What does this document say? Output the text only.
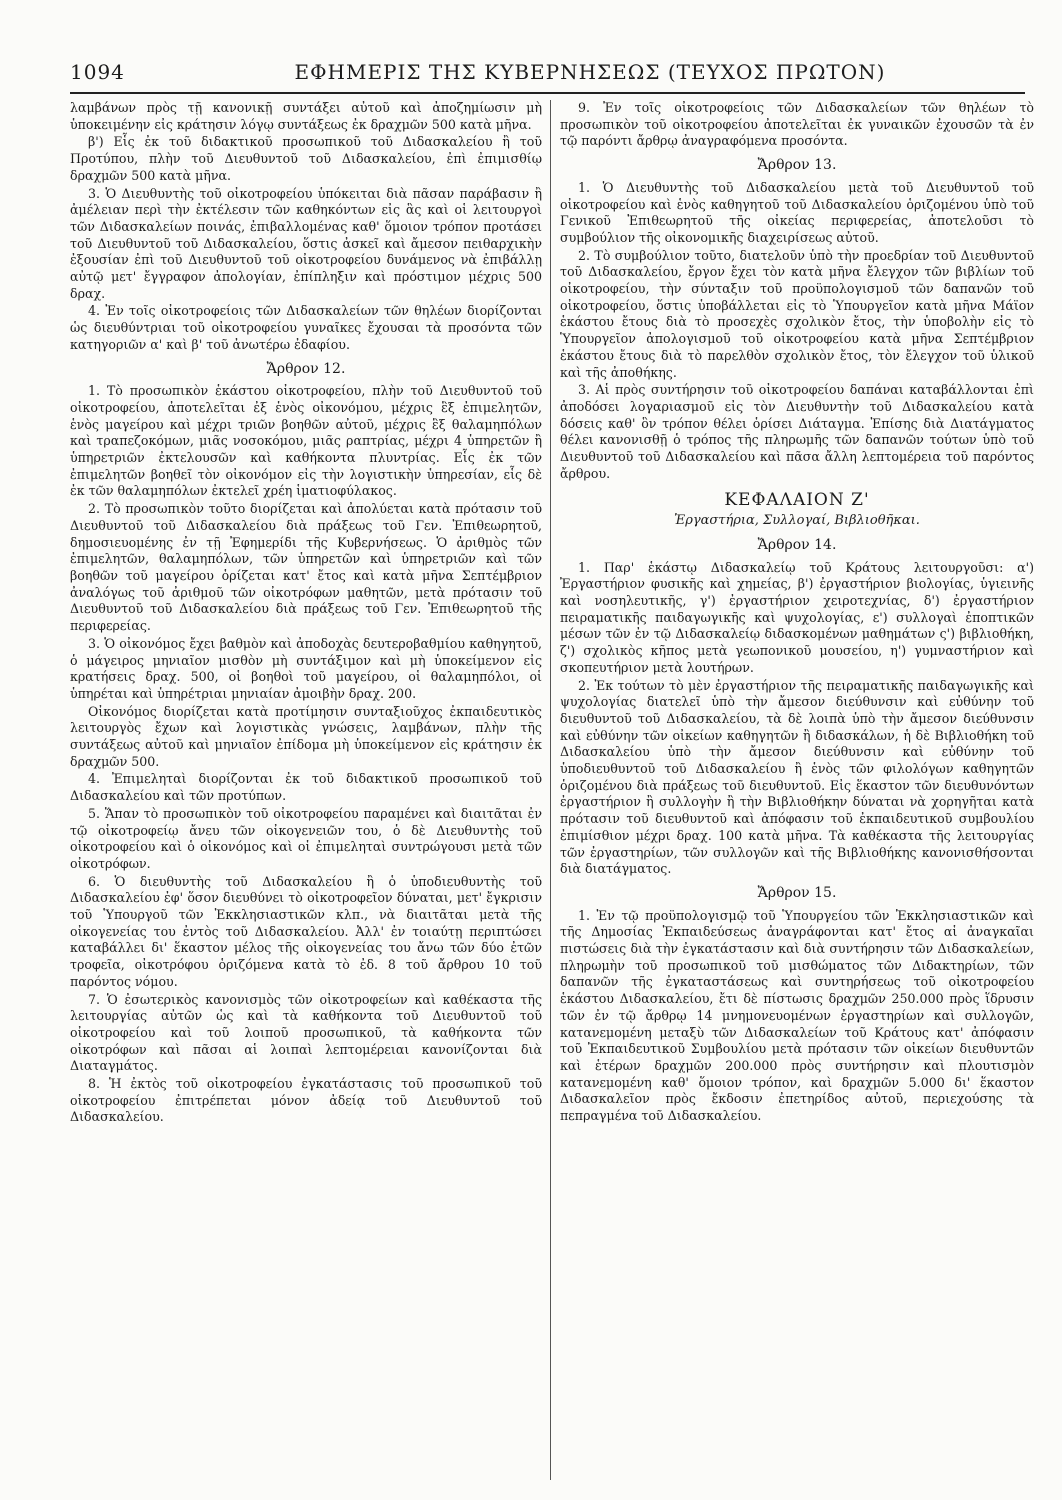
1094	ΕΦΗΜΕΡΙΣ ΤΗΣ ΚΥΒΕΡΝΗΣΕΩΣ (ΤΕΥΧΟΣ ΠΡΩΤΟΝ)

λαμβάνων πρὸς τῇ κανονικῇ συντάξει αὐτοῦ καὶ ἀποζημίωσιν μὴ ὑποκειμένην εἰς κράτησιν λόγῳ συντάξεως ἐκ δραχμῶν 500 κατὰ μῆνα.

β') Εἷς ἐκ τοῦ διδακτικοῦ προσωπικοῦ τοῦ Διδασκαλείου ἢ τοῦ Προτύπου, πλὴν τοῦ Διευθυντοῦ τοῦ Διδασκαλείου, ἐπὶ ἐπιμισθίῳ δραχμῶν 500 κατὰ μῆνα.

3. Ὁ Διευθυντὴς τοῦ οἰκοτροφείου ὑπόκειται διὰ πᾶσαν παράβασιν ἢ ἀμέλειαν περὶ τὴν ἐκτέλεσιν τῶν καθηκόντων εἰς ἃς καὶ οἱ λειτουργοὶ τῶν Διδασκαλείων ποινάς, ἐπιβαλλομένας καθ' ὅμοιον τρόπον προτάσει τοῦ Διευθυντοῦ τοῦ Διδασκαλείου, ὅστις ἀσκεῖ καὶ ἄμεσον πειθαρχικὴν ἐξουσίαν ἐπὶ τοῦ Διευθυντοῦ τοῦ οἰκοτροφείου δυνάμενος νὰ ἐπιβάλλῃ αὐτῷ μετ' ἔγγραφον ἀπολογίαν, ἐπίπληξιν καὶ πρόστιμον μέχρις 500 δραχ.

4. Ἐν τοῖς οἰκοτροφείοις τῶν Διδασκαλείων τῶν θηλέων διορίζονται ὡς διευθύντριαι τοῦ οἰκοτροφείου γυναῖκες ἔχουσαι τὰ προσόντα τῶν κατηγοριῶν α' καὶ β' τοῦ ἀνωτέρω ἐδαφίου.

Ἄρθρον 12.

1. Τὸ προσωπικὸν ἑκάστου οἰκοτροφείου, πλὴν τοῦ Διευθυντοῦ τοῦ οἰκοτροφείου, ἀποτελεῖται ἐξ ἑνὸς οἰκονόμου, μέχρις ἓξ ἐπιμελητῶν, ἑνὸς μαγείρου καὶ μέχρι τριῶν βοηθῶν αὐτοῦ, μέχρις ἓξ θαλαμηπόλων καὶ τραπεζοκόμων, μιᾶς νοσοκόμου, μιᾶς ραπτρίας, μέχρι 4 ὑπηρετῶν ἢ ὑπηρετριῶν ἐκτελουσῶν καὶ καθήκοντα πλυντρίας. Εἷς ἐκ τῶν ἐπιμελητῶν βοηθεῖ τὸν οἰκονόμον εἰς τὴν λογιστικὴν ὑπηρεσίαν, εἷς δὲ ἐκ τῶν θαλαμηπόλων ἐκτελεῖ χρέη ἱματιοφύλακος.

2. Τὸ προσωπικὸν τοῦτο διορίζεται καὶ ἀπολύεται κατὰ πρότασιν τοῦ Διευθυντοῦ τοῦ Διδασκαλείου διὰ πράξεως τοῦ Γεν. Ἐπιθεωρητοῦ, δημοσιευομένης ἐν τῇ Ἐφημερίδι τῆς Κυβερνήσεως. Ὁ ἀριθμὸς τῶν ἐπιμελητῶν, θαλαμηπόλων, τῶν ὑπηρετῶν καὶ ὑπηρετριῶν καὶ τῶν βοηθῶν τοῦ μαγείρου ὁρίζεται κατ' ἔτος καὶ κατὰ μῆνα Σεπτέμβριον ἀναλόγως τοῦ ἀριθμοῦ τῶν οἰκοτρόφων μαθητῶν, μετὰ πρότασιν τοῦ Διευθυντοῦ τοῦ Διδασκαλείου διὰ πράξεως τοῦ Γεν. Ἐπιθεωρητοῦ τῆς περιφερείας.

3. Ὁ οἰκονόμος ἔχει βαθμὸν καὶ ἀποδοχὰς δευτεροβαθμίου καθηγητοῦ, ὁ μάγειρος μηνιαῖον μισθὸν μὴ συντάξιμον καὶ μὴ ὑποκείμενον εἰς κρατήσεις δραχ. 500, οἱ βοηθοὶ τοῦ μαγείρου, οἱ θαλαμηπόλοι, οἱ ὑπηρέται καὶ ὑπηρέτριαι μηνιαίαν ἀμοιβὴν δραχ. 200.

Οἰκονόμος διορίζεται κατὰ προτίμησιν συνταξιοῦχος ἐκπαιδευτικὸς λειτουργὸς ἔχων καὶ λογιστικὰς γνώσεις, λαμβάνων, πλὴν τῆς συντάξεως αὐτοῦ καὶ μηνιαῖον ἐπίδομα μὴ ὑποκείμενον εἰς κράτησιν ἐκ δραχμῶν 500.

4. Ἐπιμεληταὶ διορίζονται ἐκ τοῦ διδακτικοῦ προσωπικοῦ τοῦ Διδασκαλείου καὶ τῶν προτύπων.

5. Ἅπαν τὸ προσωπικὸν τοῦ οἰκοτροφείου παραμένει καὶ διαιτᾶται ἐν τῷ οἰκοτροφείῳ ἄνευ τῶν οἰκογενειῶν του, ὁ δὲ Διευθυντὴς τοῦ οἰκοτροφείου καὶ ὁ οἰκονόμος καὶ οἱ ἐπιμεληταὶ συντρώγουσι μετὰ τῶν οἰκοτρόφων.

6. Ὁ διευθυντὴς τοῦ Διδασκαλείου ἢ ὁ ὑποδιευθυντὴς τοῦ Διδασκαλείου ἐφ' ὅσον διευθύνει τὸ οἰκοτροφεῖον δύναται, μετ' ἔγκρισιν τοῦ Ὑπουργοῦ τῶν Ἐκκλησιαστικῶν κλπ., νὰ διαιτᾶται μετὰ τῆς οἰκογενείας του ἐντὸς τοῦ Διδασκαλείου. Ἀλλ' ἐν τοιαύτῃ περιπτώσει καταβάλλει δι' ἕκαστον μέλος τῆς οἰκογενείας του ἄνω τῶν δύο ἐτῶν τροφεῖα, οἰκοτρόφου ὁριζόμενα κατὰ τὸ ἐδ. 8 τοῦ ἄρθρου 10 τοῦ παρόντος νόμου.

7. Ὁ ἐσωτερικὸς κανονισμὸς τῶν οἰκοτροφείων καὶ καθέκαστα τῆς λειτουργίας αὐτῶν ὡς καὶ τὰ καθήκοντα τοῦ Διευθυντοῦ τοῦ οἰκοτροφείου καὶ τοῦ λοιποῦ προσωπικοῦ, τὰ καθήκοντα τῶν οἰκοτρόφων καὶ πᾶσαι αἱ λοιπαὶ λεπτομέρειαι κανονίζονται διὰ Διαταγμάτος.

8. Ἡ ἐκτὸς τοῦ οἰκοτροφείου ἐγκατάστασις τοῦ προσωπικοῦ τοῦ οἰκοτροφείου ἐπιτρέπεται μόνον ἀδείᾳ τοῦ Διευθυντοῦ τοῦ Διδασκαλείου.

9. Ἐν τοῖς οἰκοτροφείοις τῶν Διδασκαλείων τῶν θηλέων τὸ προσωπικὸν τοῦ οἰκοτροφείου ἀποτελεῖται ἐκ γυναικῶν ἐχουσῶν τὰ ἐν τῷ παρόντι ἄρθρῳ ἀναγραφόμενα προσόντα.

Ἄρθρον 13.

1. Ὁ Διευθυντὴς τοῦ Διδασκαλείου μετὰ τοῦ Διευθυντοῦ τοῦ οἰκοτροφείου καὶ ἑνὸς καθηγητοῦ τοῦ Διδασκαλείου ὁριζομένου ὑπὸ τοῦ Γενικοῦ Ἐπιθεωρητοῦ τῆς οἰκείας περιφερείας, ἀποτελοῦσι τὸ συμβούλιον τῆς οἰκονομικῆς διαχειρίσεως αὐτοῦ.

2. Τὸ συμβούλιον τοῦτο, διατελοῦν ὑπὸ τὴν προεδρίαν τοῦ Διευθυντοῦ τοῦ Διδασκαλείου, ἔργον ἔχει τὸν κατὰ μῆνα ἔλεγχον τῶν βιβλίων τοῦ οἰκοτροφείου, τὴν σύνταξιν τοῦ προϋπολογισμοῦ τῶν δαπανῶν τοῦ οἰκοτροφείου, ὅστις ὑποβάλλεται εἰς τὸ Ὑπουργεῖον κατὰ μῆνα Μάϊον ἑκάστου ἔτους διὰ τὸ προσεχὲς σχολικὸν ἔτος, τὴν ὑποβολὴν εἰς τὸ Ὑπουργεῖον ἀπολογισμοῦ τοῦ οἰκοτροφείου κατὰ μῆνα Σεπτέμβριον ἑκάστου ἔτους διὰ τὸ παρελθὸν σχολικὸν ἔτος, τὸν ἔλεγχον τοῦ ὑλικοῦ καὶ τῆς ἀποθήκης.

3. Αἱ πρὸς συντήρησιν τοῦ οἰκοτροφείου δαπάναι καταβάλλονται ἐπὶ ἀποδόσει λογαριασμοῦ εἰς τὸν Διευθυντὴν τοῦ Διδασκαλείου κατὰ δόσεις καθ' ὃν τρόπον θέλει ὁρίσει Διάταγμα. Ἐπίσης διὰ Διατάγματος θέλει κανονισθῇ ὁ τρόπος τῆς πληρωμῆς τῶν δαπανῶν τούτων ὑπὸ τοῦ Διευθυντοῦ τοῦ Διδασκαλείου καὶ πᾶσα ἄλλη λεπτομέρεια τοῦ παρόντος ἄρθρου.

ΚΕΦΑΛΑΙΟΝ Ζ'
Ἐργαστήρια, Συλλογαί, Βιβλιοθῆκαι.
Ἄρθρον 14.

1. Παρ' ἑκάστῳ Διδασκαλείῳ τοῦ Κράτους λειτουργοῦσι: α') Ἐργαστήριον φυσικῆς καὶ χημείας, β') ἐργαστήριον βιολογίας, ὑγιεινῆς καὶ νοσηλευτικῆς, γ') ἐργαστήριον χειροτεχνίας, δ') ἐργαστήριον πειραματικῆς παιδαγωγικῆς καὶ ψυχολογίας, ε') συλλογαὶ ἐποπτικῶν μέσων τῶν ἐν τῷ Διδασκαλείῳ διδασκομένων μαθημάτων ς') βιβλιοθήκη, ζ') σχολικὸς κῆπος μετὰ γεωπονικοῦ μουσείου, η') γυμναστήριον καὶ σκοπευτήριον μετὰ λουτήρων.

2. Ἐκ τούτων τὸ μὲν ἐργαστήριον τῆς πειραματικῆς παιδαγωγικῆς καὶ ψυχολογίας διατελεῖ ὑπὸ τὴν ἄμεσον διεύθυνσιν καὶ εὐθύνην τοῦ διευθυντοῦ τοῦ Διδασκαλείου, τὰ δὲ λοιπὰ ὑπὸ τὴν ἄμεσον διεύθυνσιν καὶ εὐθύνην τῶν οἰκείων καθηγητῶν ἢ διδασκάλων, ἡ δὲ Βιβλιοθήκη τοῦ Διδασκαλείου ὑπὸ τὴν ἄμεσον διεύθυνσιν καὶ εὐθύνην τοῦ ὑποδιευθυντοῦ τοῦ Διδασκαλείου ἢ ἑνὸς τῶν φιλολόγων καθηγητῶν ὁριζομένου διὰ πράξεως τοῦ διευθυντοῦ. Εἰς ἕκαστον τῶν διευθυνόντων ἐργαστήριον ἢ συλλογὴν ἢ τὴν Βιβλιοθήκην δύναται νὰ χορηγῆται κατὰ πρότασιν τοῦ διευθυντοῦ καὶ ἀπόφασιν τοῦ ἐκπαιδευτικοῦ συμβουλίου ἐπιμίσθιον μέχρι δραχ. 100 κατὰ μῆνα. Τὰ καθέκαστα τῆς λειτουργίας τῶν ἐργαστηρίων, τῶν συλλογῶν καὶ τῆς Βιβλιοθήκης κανονισθήσονται διὰ διατάγματος.

Ἄρθρον 15.

1. Ἐν τῷ προϋπολογισμῷ τοῦ Ὑπουργείου τῶν Ἐκκλησιαστικῶν καὶ τῆς Δημοσίας Ἐκπαιδεύσεως ἀναγράφονται κατ' ἔτος αἱ ἀναγκαῖαι πιστώσεις διὰ τὴν ἐγκατάστασιν καὶ διὰ συντήρησιν τῶν Διδασκαλείων, πληρωμὴν τοῦ προσωπικοῦ τοῦ μισθώματος τῶν Διδακτηρίων, τῶν δαπανῶν τῆς ἐγκαταστάσεως καὶ συντηρήσεως τοῦ οἰκοτροφείου ἑκάστου Διδασκαλείου, ἔτι δὲ πίστωσις δραχμῶν 250.000 πρὸς ἵδρυσιν τῶν ἐν τῷ ἄρθρῳ 14 μνημονευομένων ἐργαστηρίων καὶ συλλογῶν, κατανεμομένη μεταξὺ τῶν Διδασκαλείων τοῦ Κράτους κατ' ἀπόφασιν τοῦ Ἐκπαιδευτικοῦ Συμβουλίου μετὰ πρότασιν τῶν οἰκείων διευθυντῶν καὶ ἑτέρων δραχμῶν 200.000 πρὸς συντήρησιν καὶ πλουτισμὸν κατανεμομένη καθ' ὅμοιον τρόπον, καὶ δραχμῶν 5.000 δι' ἕκαστον Διδασκαλεῖον πρὸς ἔκδοσιν ἐπετηρίδος αὐτοῦ, περιεχούσης τὰ πεπραγμένα τοῦ Διδασκαλείου.
